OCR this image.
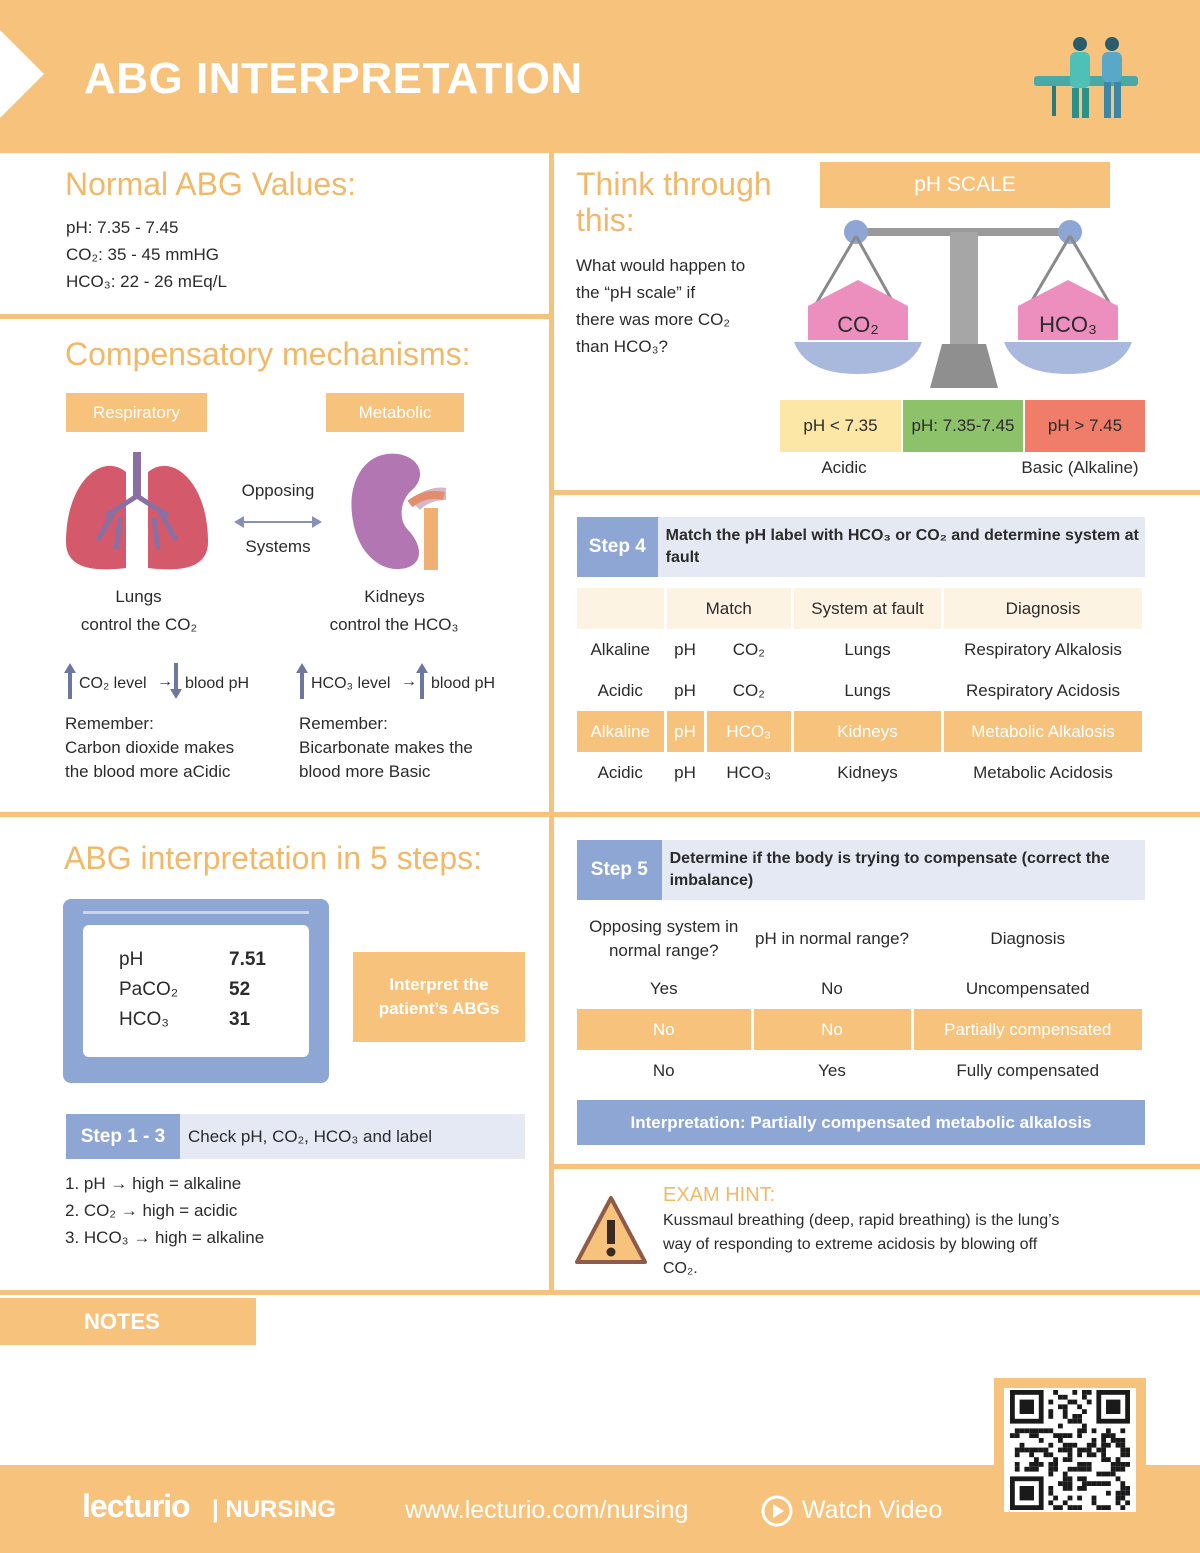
ABG INTERPRETATION
Normal ABG Values:
pH: 7.35 - 7.45
CO₂: 35 - 45 mmHG
HCO₃: 22 - 26 mEq/L
Think through
this:
What would happen to
the “pH scale” if
there was more CO₂
than HCO₃?
pH SCALE
CO₂	HCO₃
pH < 7.35	pH: 7.35-7.45	pH > 7.45
Acidic	Basic (Alkaline)
Compensatory mechanisms:
Respiratory	Metabolic
Opposing
Systems
Lungs
control the CO₂
Kidneys
control the HCO₃
CO₂ level → blood pH	HCO₃ level → blood pH
Remember:
Carbon dioxide makes
the blood more aCidic
Remember:
Bicarbonate makes the
blood more Basic
Step 4
Match the pH label with HCO₃ or CO₂ and determine system at fault
	Match		System at fault	Diagnosis
Alkaline	pH	CO₂	Lungs	Respiratory Alkalosis
Acidic	pH	CO₂	Lungs	Respiratory Acidosis
Alkaline	pH	HCO₃	Kidneys	Metabolic Alkalosis
Acidic	pH	HCO₃	Kidneys	Metabolic Acidosis
ABG interpretation in 5 steps:
pH	7.51
PaCO₂	52
HCO₃	31
Interpret the
patient’s ABGs
Step 1 - 3	Check pH, CO₂, HCO₃ and label
1. pH → high = alkaline
2. CO₂ → high = acidic
3. HCO₃ → high = alkaline
Step 5
Determine if the body is trying to compensate (correct the imbalance)
Opposing system in normal range?	pH in normal range?	Diagnosis
Yes	No	Uncompensated
No	No	Partially compensated
No	Yes	Fully compensated
Interpretation: Partially compensated metabolic alkalosis
EXAM HINT:
Kussmaul breathing (deep, rapid breathing) is the lung’s
way of responding to extreme acidosis by blowing off
CO₂.
NOTES
lecturio | NURSING	www.lecturio.com/nursing	Watch Video
